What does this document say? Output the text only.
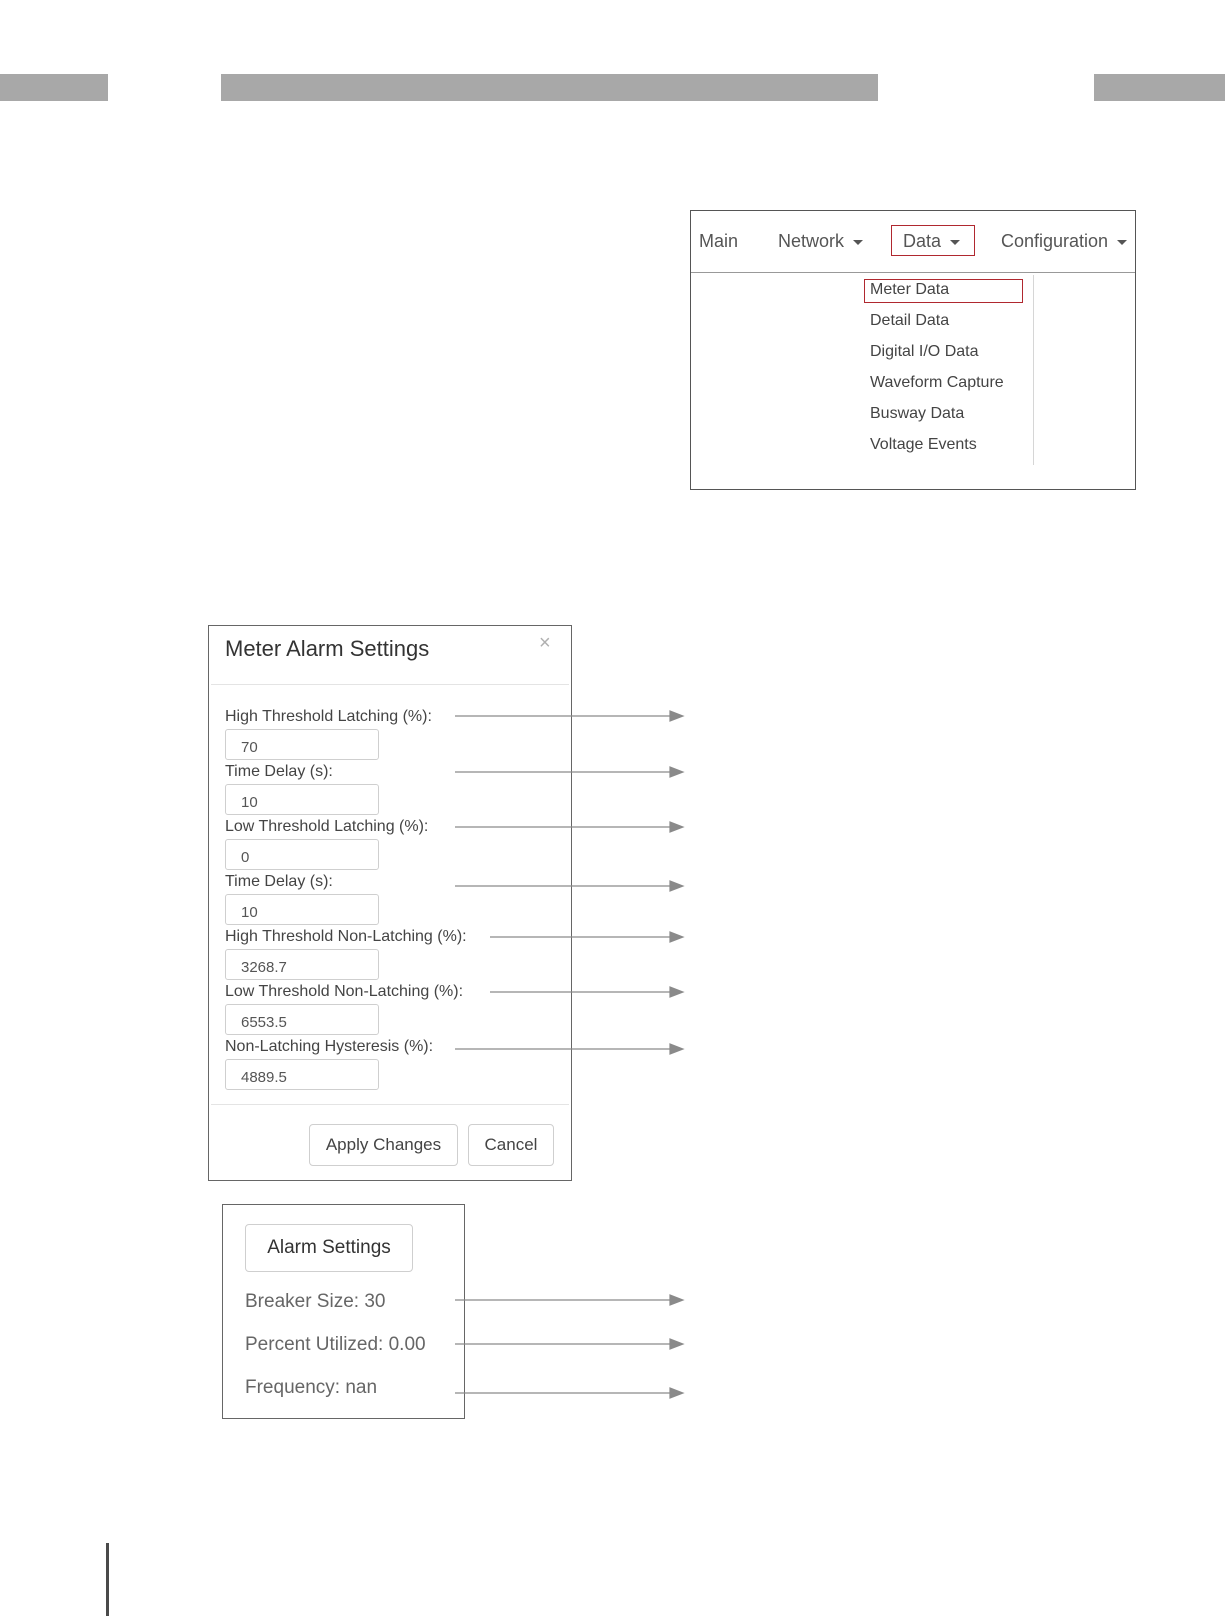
Main Network	Data	Configuration
Meter Data
Detail Data
Digital I/O Data
Waveform Capture
Busway Data
Voltage Events
Meter Alarm Settings	×
High Threshold Latching (%):
70
Time Delay (s):
10
Low Threshold Latching (%):
0
Time Delay (s):
10
High Threshold Non-Latching (%):
3268.7
Low Threshold Non-Latching (%):
6553.5
Non-Latching Hysteresis (%):
4889.5
Apply Changes	Cancel
Alarm Settings
Breaker Size: 30
Percent Utilized: 0.00
Frequency: nan
